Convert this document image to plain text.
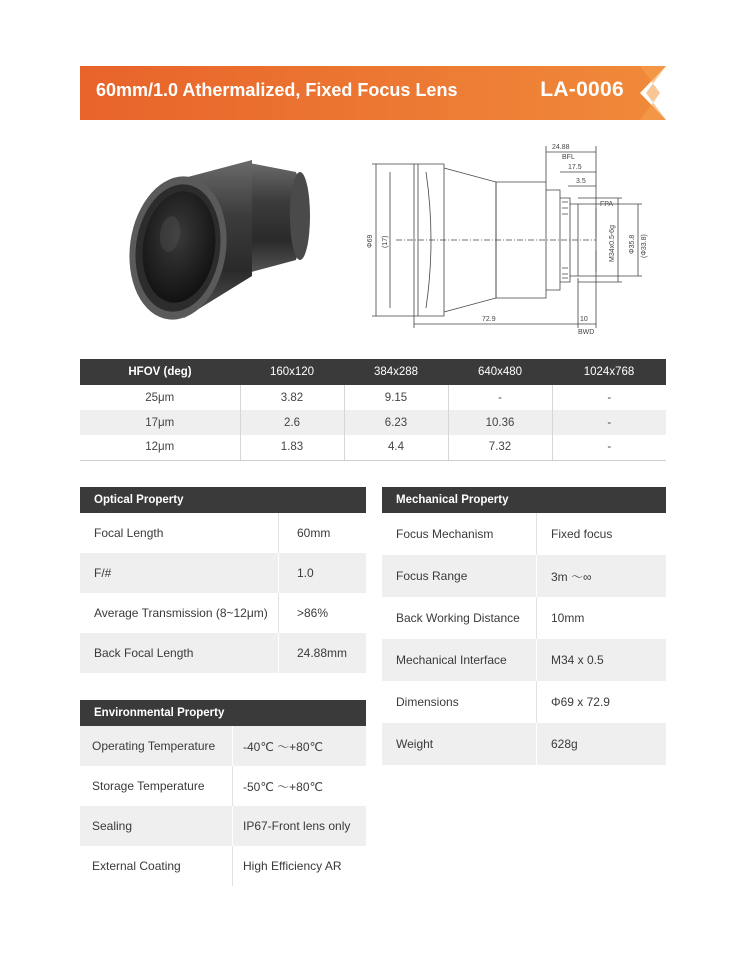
60mm/1.0 Athermalized, Fixed Focus Lens	LA-0006
24.88
BFL
17.5
3.5
FPA
Φ69 (17)	M34x0.5-6g Φ35.8 (Φ33.8)
72.9	10
BWD
HFOV (deg)	160x120	384x288	640x480	1024x768
25μm	3.82	9.15	-	-
17μm	2.6	6.23	10.36	-
12μm	1.83	4.4	7.32	-
Optical Property
Focal Length	60mm
F/#	1.0
Average Transmission (8~12μm)	>86%
Back Focal Length	24.88mm
Environmental Property
Operating Temperature	-40℃ ～+80℃
Storage Temperature	-50℃ ～+80℃
Sealing	IP67-Front lens only
External Coating	High Efficiency AR
Mechanical Property
Focus Mechanism	Fixed focus
Focus Range	3m ～∞
Back Working Distance	10mm
Mechanical Interface	M34 x 0.5
Dimensions	Φ69 x 72.9
Weight	628g
